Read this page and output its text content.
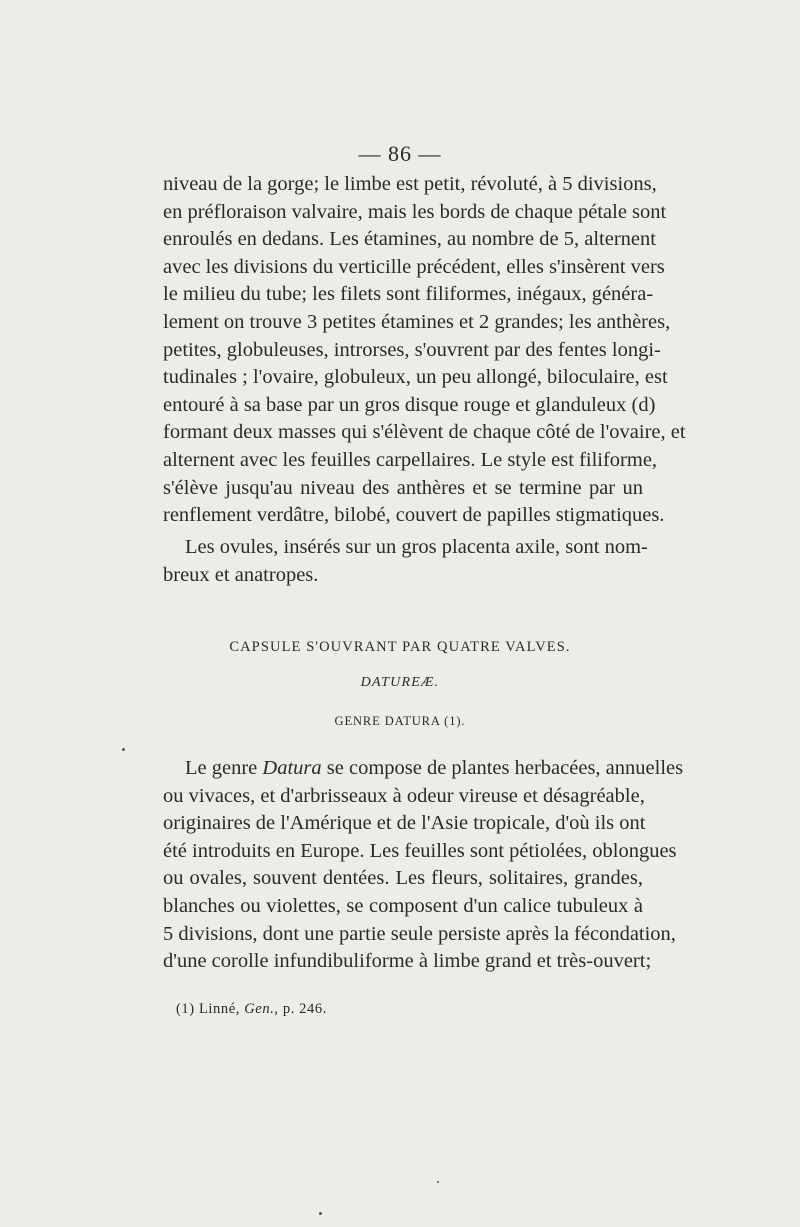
— 86 —
niveau de la gorge; le limbe est petit, révoluté, à 5 divisions,
en préfloraison valvaire, mais les bords de chaque pétale sont
enroulés en dedans. Les étamines, au nombre de 5, alternent
avec les divisions du verticille précédent, elles s'insèrent vers
le milieu du tube; les filets sont filiformes, inégaux, généra-
lement on trouve 3 petites étamines et 2 grandes; les anthères,
petites, globuleuses, introrses, s'ouvrent par des fentes longi-
tudinales ; l'ovaire, globuleux, un peu allongé, biloculaire, est
entouré à sa base par un gros disque rouge et glanduleux (d)
formant deux masses qui s'élèvent de chaque côté de l'ovaire, et
alternent avec les feuilles carpellaires. Le style est filiforme,
s'élève jusqu'au niveau des anthères et se termine par un
renflement verdâtre, bilobé, couvert de papilles stigmatiques.
Les ovules, insérés sur un gros placenta axile, sont nom-
breux et anatropes.
CAPSULE S'OUVRANT PAR QUATRE VALVES.
DATUREÆ.
GENRE DATURA (1).
Le genre Datura se compose de plantes herbacées, annuelles
ou vivaces, et d'arbrisseaux à odeur vireuse et désagréable,
originaires de l'Amérique et de l'Asie tropicale, d'où ils ont
été introduits en Europe. Les feuilles sont pétiolées, oblongues
ou ovales, souvent dentées. Les fleurs, solitaires, grandes,
blanches ou violettes, se composent d'un calice tubuleux à
5 divisions, dont une partie seule persiste après la fécondation,
d'une corolle infundibuliforme à limbe grand et très-ouvert;
(1) Linné, Gen., p. 246.
